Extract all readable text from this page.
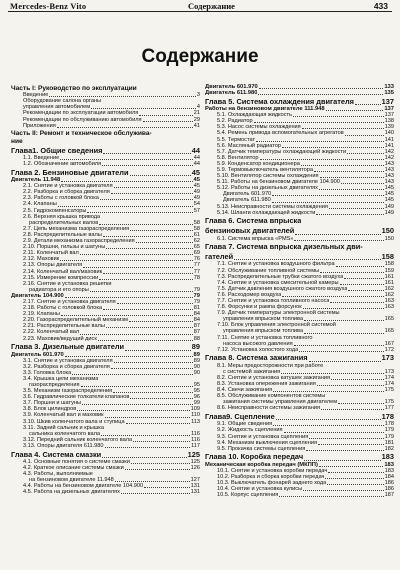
Mercedes-Benz Vito	Содержание	433
Содержание
Часть I: Руководство по эксплуатации
Введение	3
Оборудование салона органы
управления автомобилем	4
Рекомендации по эксплуатации автомобиля	21
Рекомендации по обслуживанию автомобиля	29
Приложения	41
Часть II: Ремонт и техническое обслужива-
ние
Глава1. Общие сведения	44
1.1. Введение	44
1.2. Обозначение автомобиля	44
Глава 2. Бензиновые двигатели	45
Двигатель 11.948	45
2.1. Снятие и установка двигателя	45
2.2. Разборка и сборка двигателя	49
2.3. Работы с головкой блока	49
2.4. Клапаны	54
2.5. Гидрокомпенсаторы	57
2.6. Верхняя крышка привода
распределительных валов	58
2.7. Цепь механизма газораспределения	58
2.8. Распределительные валы	61
2.9. Детали механизма газораспределения	62
2.10. Поршни, гильзы и шатуны	65
2.11. Коленчатый вал	69
2.12. Маховик	76
2.13. Опоры двигателя	77
2.14. Коленчатый вал/маховик	77
2.15. Измерение компрессии	78
2.16. Снятие и установка решетки
радиатора и его опоры	79
Двигатель 104.900	79
2.17. Снятие и установка двигателя	79
2.18. Работы с головкой блока	81
2.19. Клапаны	84
2.20. Газораспределительный механизм	84
2.21. Распределительные валы	87
2.22. Коленчатый вал	87
2.23. Маховик/ведущий диск	88
Глава 3. Дизельные двигатели	89
Двигатель 601.970	89
3.1. Снятие и установка двигателя	89
3.2. Разборка и сборка двигателя	90
3.3. Головка блока	90
3.4. Крышка цепи механизма
газораспределения	95
3.5. Механизм газораспределения	95
3.6. Гидравлические толкатели клапанов	96
3.7. Поршни и шатуны	99
3.8. Блок цилиндров	109
3.9. Коленчатый вал и маховик	110
3.10. Шкив коленчатого вала и ступица	113
3.11. Задний сальник и крышка
сальника коленчатого вала	116
3.12. Передний сальник коленчатого вала	116
3.13. Опоры двигателя 611.980	117
Глава 4. Система смазки	125
4.1. Основные понятия о системе смазки	125
4.2. Краткое описание системы смазки	126
4.3. Работы, выполняемые
на бензиновом двигателе 11.948	127
4.4. Работы на бензиновом двигателе 104.900	131
4.5. Работа на дизельных двигателях	131
Двигатель 601.970	133
Двигатель 611.980	135
Глава 5. Система охлаждения двигателя	137
Работы на бензиновом двигателе 111.948	137
5.1. Охлаждающая жидкость	137
5.2. Радиатор	138
5.3. Насос системы охлаждения	139
5.4. Ремень привода вспомогательных агрегатов	140
5.5. Термостат	141
5.6. Масляный радиатор	141
5.7. Датчик температуры охлаждающей жидкости	142
5.8. Вентилятор	142
5.9. Конденсатор кондиционера	143
5.9. Термовыключатель вентилятора	143
5.10. Вентилятор системы охлаждения	143
5.11. Работы на бензиновом двигателе 104.900	143
5.12. Работы на дизельных двигателях	145
Двигатель 601.970	145
Двигатель 611.980	145
5.13. Неисправности системы охлаждения	149
5.14. Шланги охлаждающей жидкости	149
Глава 6. Система впрыска
бензиновых двигателей	150
6.1. Система впрыска «PMS»	150
Глава 7. Система впрыска дизельных дви-
гателей	158
7.1. Снятие и установка воздушного фильтра	158
7.2. Обслуживание топливной системы	159
7.3. Распределительные трубки сжатого воздуха	161
7.4. Снятие и установка смесительной камеры	161
7.5. Датчик давления воздушного сжатого воздуха	162
7.6. Расходомер воздуха	162
7.7. Снятие и установка топливного насоса	163
7.8. Форсунки и рампа форсунок	163
7.9. Датчик температуры электронной системы
управления впрыском топлива	165
7.10. Блок управления электронной системой
управления впрыском топлива	165
7.11. Снятие и установка топливного
насоса высокого давления	167
7.12. Установка холостого хода	172
Глава 8. Система зажигания	173
8.1. Меры предосторожности при работе
с системой зажигания	173
8.2. Снятие и установка катушек зажигания	174
8.3. Установка опережения зажигания	174
8.4. Свечи зажигания	175
8.5. Обслуживание компонентов системы
зажигания системы управления двигателем	175
8.6. Неисправности системы зажигания	177
Глава9. Сцепление	178
9.1. Общие сведения	178
9.2. Жидкость сцепления	179
9.3. Снятие и установка сцепления	179
9.4. Механизм выключения сцепления	181
9.5. Прокачка системы сцепления	182
Глава 10. Коробка передач	183
Механическая коробка передач (МКПП)	183
10.1. Снятие и установка коробки передач	183
10.2. Разборка и сборка коробки передач	184
10.3. Выключатель фонарей заднего хода	186
10.4. Снятие и установка кулисы	186
10.5. Корпус сцепления	187
